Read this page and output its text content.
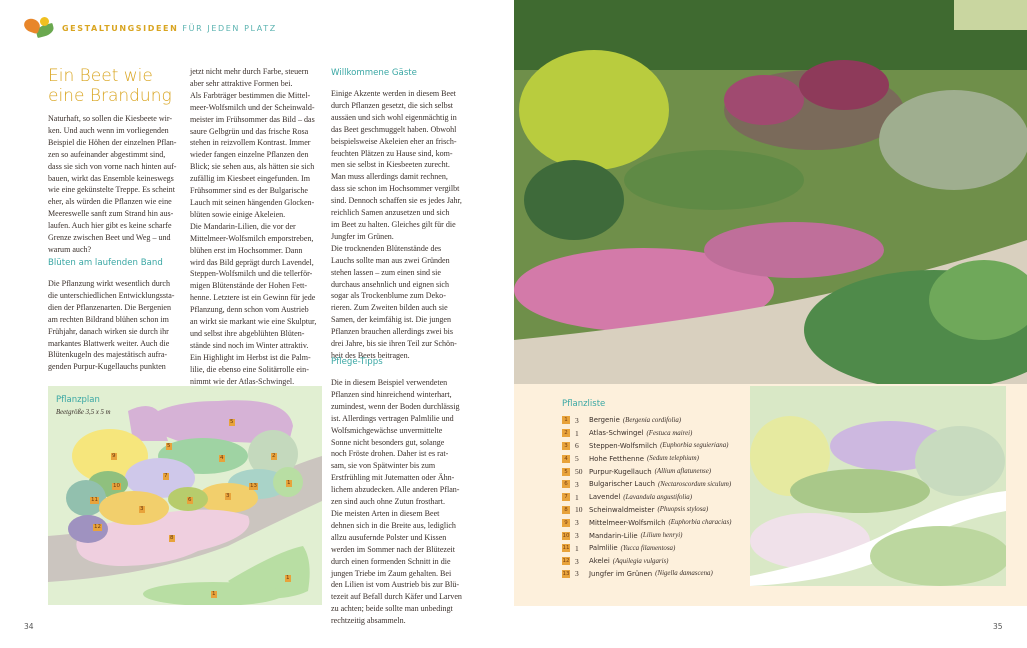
GESTALTUNGSIDEEN FÜR JEDEN PLATZ
Ein Beet wie eine Brandung
Naturhaft, so sollen die Kiesbeete wir-
ken. Und auch wenn im vorliegenden
Beispiel die Höhen der einzelnen Pflan-
zen so aufeinander abgestimmt sind,
dass sie sich von vorne nach hinten auf-
bauen, wirkt das Ensemble keineswegs
wie eine gekünstelte Treppe. Es scheint
eher, als würden die Pflanzen wie eine
Meereswelle sanft zum Strand hin aus-
laufen. Auch hier gibt es keine scharfe
Grenze zwischen Beet und Weg – und
warum auch?
Blüten am laufenden Band
Die Pflanzung wirkt wesentlich durch
die unterschiedlichen Entwicklungssta-
dien der Pflanzenarten. Die Bergenien
am rechten Bildrand blühen schon im
Frühjahr, danach wirken sie durch ihr
markantes Blattwerk weiter. Auch die
Blütenkugeln des majestätisch aufra-
genden Purpur-Kugellauchs punkten
jetzt nicht mehr durch Farbe, steuern
aber sehr attraktive Formen bei.
Als Farbträger bestimmen die Mittel-
meer-Wolfsmilch und der Scheinwald-
meister im Frühsommer das Bild – das
saure Gelbgrün und das frische Rosa
stehen in reizvollem Kontrast. Immer
wieder fangen einzelne Pflanzen den
Blick; sie sehen aus, als hätten sie sich
zufällig im Kiesbeet eingefunden. Im
Frühsommer sind es der Bulgarische
Lauch mit seinen hängenden Glocken-
blüten sowie einige Akeleien.
Die Mandarin-Lilien, die vor der
Mittelmeer-Wolfsmilch emporstreben,
blühen erst im Hochsommer. Dann
wird das Bild geprägt durch Lavendel,
Steppen-Wolfsmilch und die tellerför-
migen Blütenstände der Hohen Fett-
henne. Letztere ist ein Gewinn für jede
Pflanzung, denn schon vom Austrieb
an wirkt sie markant wie eine Skulptur,
und selbst ihre abgeblühten Blüten-
stände sind noch im Winter attraktiv.
Ein Highlight im Herbst ist die Palm-
lilie, die ebenso eine Solitärrolle ein-
nimmt wie der Atlas-Schwingel.
Willkommene Gäste
Einige Akzente werden in diesem Beet
durch Pflanzen gesetzt, die sich selbst
aussäen und sich wohl eigenmächtig in
das Beet geschmuggelt haben. Obwohl
beispielsweise Akeleien eher an frisch-
feuchten Plätzen zu Hause sind, kom-
men sie selbst in Kiesbeeten zurecht.
Man muss allerdings damit rechnen,
dass sie schon im Hochsommer vergilbt
sind. Dennoch schaffen sie es jedes Jahr,
reichlich Samen anzusetzen und sich
im Beet zu halten. Gleiches gilt für die
Jungfer im Grünen.
Die trocknenden Blütenstände des
Lauchs sollte man aus zwei Gründen
stehen lassen – zum einen sind sie
durchaus ansehnlich und eignen sich
sogar als Trockenblume zum Deko-
rieren. Zum Zweiten bilden auch sie
Samen, der keimfähig ist. Die jungen
Pflanzen brauchen allerdings zwei bis
drei Jahre, bis sie ihren Teil zur Schön-
heit des Beets beitragen.
Pflege-Tipps
Die in diesem Beispiel verwendeten
Pflanzen sind hinreichend winterhart,
zumindest, wenn der Boden durchlässig
ist. Allerdings vertragen Palmlilie und
Wolfsmichgewächse unvermittelte
Sonne nicht besonders gut, solange
noch Fröste drohen. Daher ist es rat-
sam, sie von Spätwinter bis zum
Erstfrühling mit Jutematten oder Ähn-
lichem abzudecken. Alle anderen Pflan-
zen sind auch ohne Zutun frosthart.
Die meisten Arten in diesem Beet
dehnen sich in die Breite aus, lediglich
allzu ausufernde Polster und Kissen
werden im Sommer nach der Blütezeit
durch einen formenden Schnitt in die
jungen Triebe im Zaum gehalten. Bei
den Lilien ist vom Austrieb bis zur Blü-
tezeit auf Befall durch Käfer und Larven
zu achten; beide sollte man unbedingt
rechtzeitig absammeln.
Pflanzplan
Beetgröße 3,5 x 5 m
5
5
9	4	2
7
10	13	1
11	6
3
3
12
8
1
1
Pflanzliste
1 3	Bergenie (Bergenia cordifolia)
2 1	Atlas-Schwingel (Festuca mairei)
3 6	Steppen-Wolfsmilch (Euphorbia seguieriana)
4 5	Hohe Fetthenne (Sedum telephium)
5 50 Purpur-Kugellauch (Allium aflatunense)
6 3	Bulgarischer Lauch (Nectaroscordum siculum)
7 1	Lavendel (Lavandula angustifolia)
8 10 Scheinwaldmeister (Phuopsis stylosa)
9 3	Mittelmeer-Wolfsmilch (Euphorbia characias)
10 3	Mandarin-Lilie (Lilium henryi)
11 1	Palmlilie (Yucca filamentosa)
12 3	Akelei (Aquilegia vulgaris)
13 3	Jungfer im Grünen (Nigella damascena)
34	35
